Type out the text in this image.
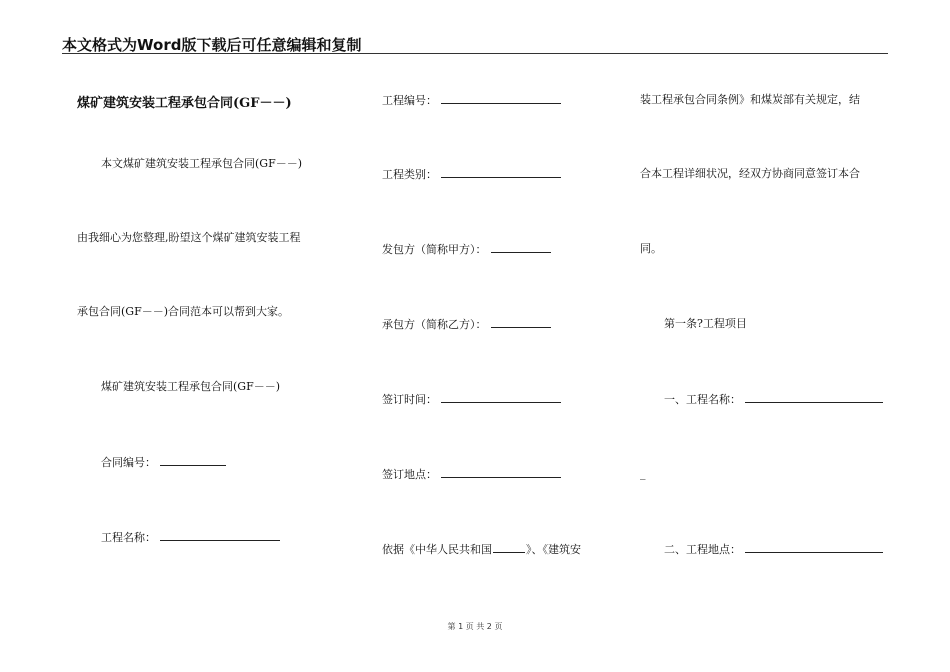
本文格式为Word版下载后可任意编辑和复制
煤矿建筑安装工程承包合同(GF－－)
本文煤矿建筑安装工程承包合同(GF－－)
由我细心为您整理,盼望这个煤矿建筑安装工程
承包合同(GF－－)合同范本可以帮到大家。
煤矿建筑安装工程承包合同(GF－－)
合同编号：
工程名称：
工程编号：
工程类别：
发包方（简称甲方）：
承包方（简称乙方）：
签订时间：
签订地点：
依据《中华人民共和国	》、《建筑安
装工程承包合同条例》和煤炭部有关规定，结
合本工程详细状况，经双方协商同意签订本合
同。
第一条?工程项目
一、工程名称：
_
二、工程地点：
第 1 页 共 2 页
